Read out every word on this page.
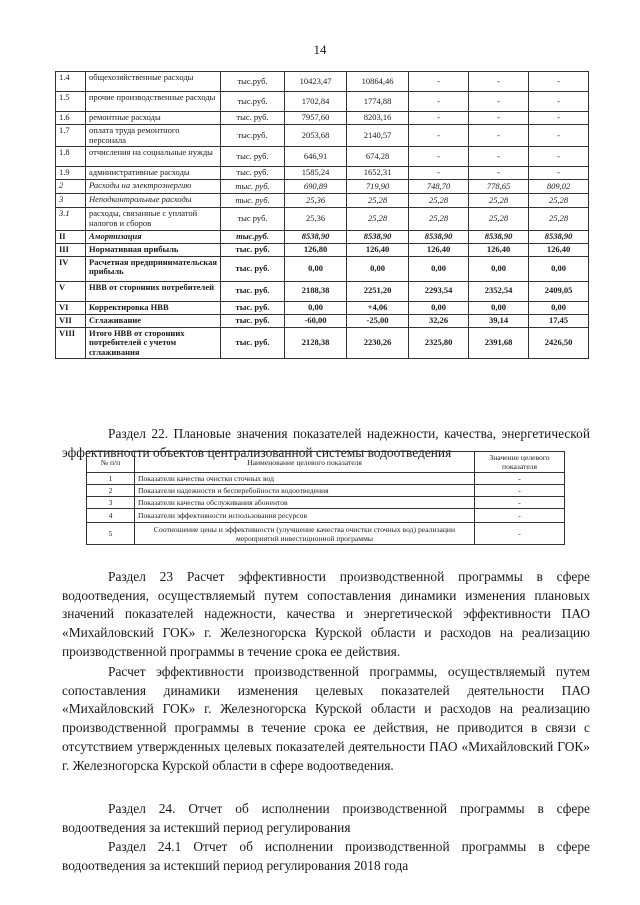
14
1.4	общехозяйственные расходы	тыс.руб.	10423,47	10864,46	-	-	-
1.5	прочие производственные расходы	тыс.руб.	1702,84	1774,88	-	-	-
1.6	ремонтные расходы	тыс. руб.	7957,60	8203,16	-	-	-
1.7	оплата труда ремонтного персонала	тыс.руб.	2053,68	2140,57	-	-	-
1.8	отчисления на социальные нужды	тыс. руб.	646,91	674,28	-	-	-
1.9	административные расходы	тыс. руб.	1585,24	1652,31	-	-	-
2	Расходы на электроэнергию	тыс. руб.	690,89	719,90	748,70	778,65	809,02
3	Неподконтрольные расходы	тыс. руб.	25,36	25,28	25,28	25,28	25,28
3.1	расходы, связанные с уплатой налогов и сборов	тыс руб.	25,36	25,28	25,28	25,28	25,28
II	Амортизация	тыс.руб.	8538,90	8538,90	8538,90	8538,90	8538,90
III	Нормативная прибыль	тыс. руб.	126,80	126,40	126,40	126,40	126,40
IV	Расчетная предпринимательская прибыль	тыс. руб.	0,00	0,00	0,00	0,00	0,00
V	НВВ от сторонних потребителей	тыс. руб.	2188,38	2251,20	2293,54	2352,54	2409,05
VI	Корректировка НВВ	тыс. руб.	0,00	+4,06	0,00	0,00	0,00
VII	Сглаживание	тыс. руб.	-60,00	-25,00	32,26	39,14	17,45
VIII	Итого НВВ от сторонних потребителей с учетом сглаживания	тыс. руб.	2128,38	2230,26	2325,80	2391,68	2426,50
Раздел 22. Плановые значения показателей надежности, качества, энергетической эффективности объектов централизованной системы водоотведения
№ п/п	Наименование целевого показателя	Значение целевого показателя
1	Показатели качества очистки сточных вод	-
2	Показатели надежности и бесперебойности водоотведения	-
3	Показатели качества обслуживания абонентов	-
4	Показатели эффективности использования ресурсов	-
5	Соотношение цены и эффективности (улучшение качества очистки сточных вод) реализации мероприятий инвестиционной программы	-
Раздел 23 Расчет эффективности производственной программы в сфере водоотведения, осуществляемый путем сопоставления динамики изменения плановых значений показателей надежности, качества и энергетической эффективности ПАО «Михайловский ГОК» г. Железногорска Курской области и расходов на реализацию производственной программы в течение срока ее действия.
Расчет эффективности производственной программы, осуществляемый путем сопоставления динамики изменения целевых показателей деятельности ПАО «Михайловский ГОК» г. Железногорска Курской области и расходов на реализацию производственной программы в течение срока ее действия, не приводится в связи с отсутствием утвержденных целевых показателей деятельности ПАО «Михайловский ГОК» г. Железногорска Курской области в сфере водоотведения.
Раздел 24. Отчет об исполнении производственной программы в сфере водоотведения за истекший период регулирования
Раздел 24.1 Отчет об исполнении производственной программы в сфере водоотведения за истекший период регулирования 2018 года
